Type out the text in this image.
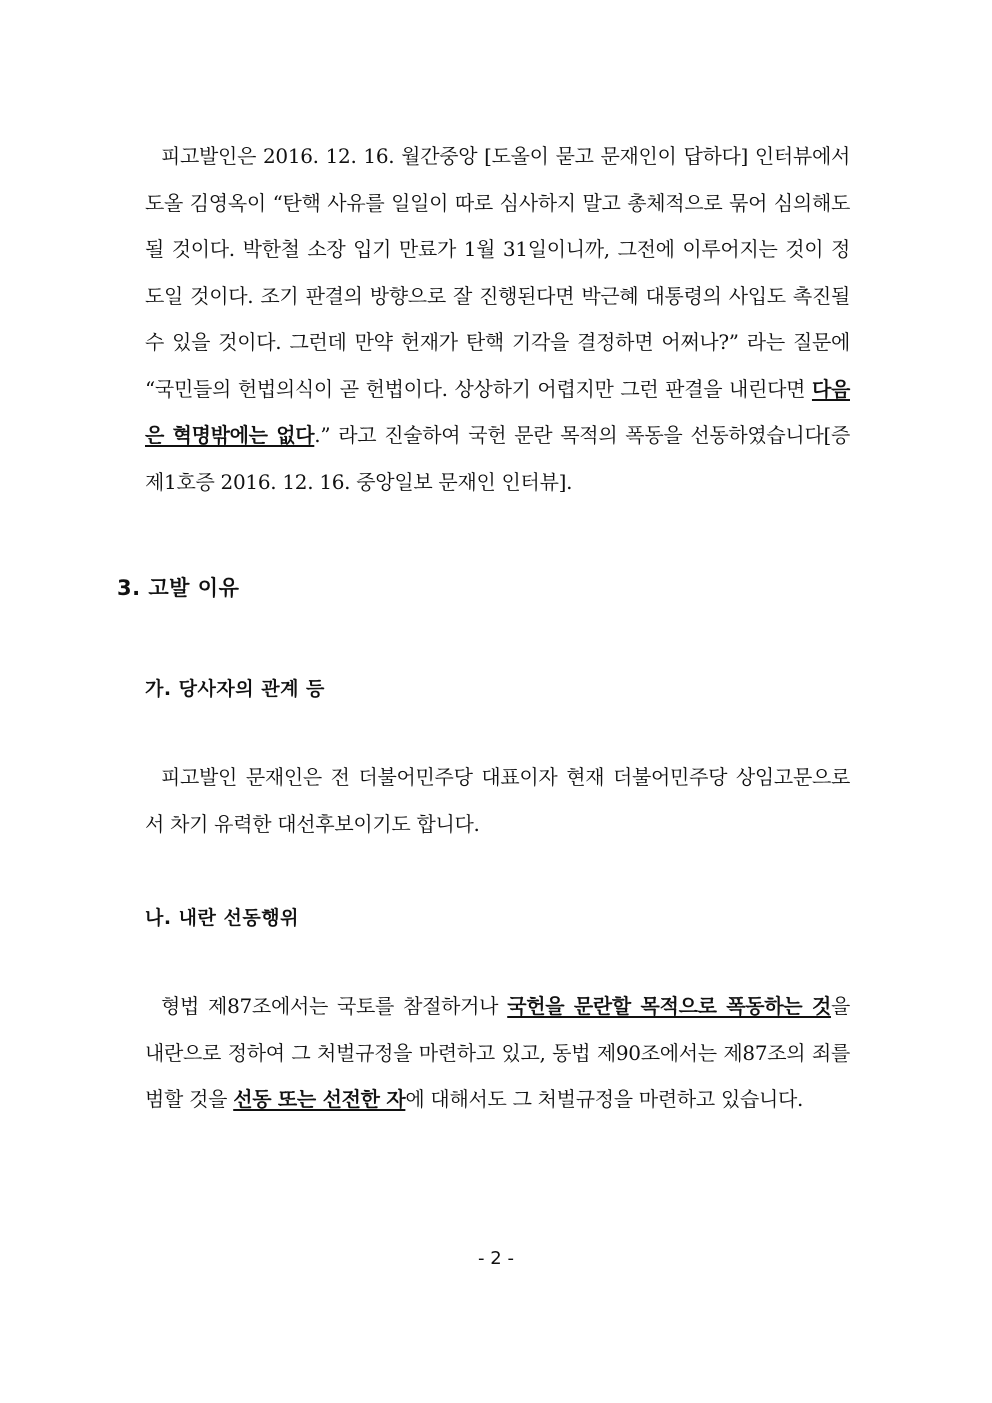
피고발인은 2016. 12. 16. 월간중앙 [도올이 묻고 문재인이 답하다] 인터뷰에서 도올 김영옥이 “탄핵 사유를 일일이 따로 심사하지 말고 총체적으로 묶어 심의해도 될 것이다. 박한철 소장 입기 만료가 1월 31일이니까, 그전에 이루어지는 것이 정도일 것이다. 조기 판결의 방향으로 잘 진행된다면 박근혜 대통령의 사입도 촉진될 수 있을 것이다. 그런데 만약 헌재가 탄핵 기각을 결정하면 어쩌나?” 라는 질문에 “국민들의 헌법의식이 곧 헌법이다. 상상하기 어렵지만 그런 판결을 내린다면 다음은 혁명밖에는 없다.” 라고 진술하여 국헌 문란 목적의 폭동을 선동하였습니다[증 제1호증 2016. 12. 16. 중앙일보 문재인 인터뷰].

3. 고발 이유
가. 당사자의 관계 등

피고발인 문재인은 전 더불어민주당 대표이자 현재 더불어민주당 상임고문으로서 차기 유력한 대선후보이기도 합니다.

나. 내란 선동행위

형법 제87조에서는 국토를 참절하거나 국헌을 문란할 목적으로 폭동하는 것을 내란으로 정하여 그 처벌규정을 마련하고 있고, 동법 제90조에서는 제87조의 죄를 범할 것을 선동 또는 선전한 자에 대해서도 그 처벌규정을 마련하고 있습니다.

- 2 -
